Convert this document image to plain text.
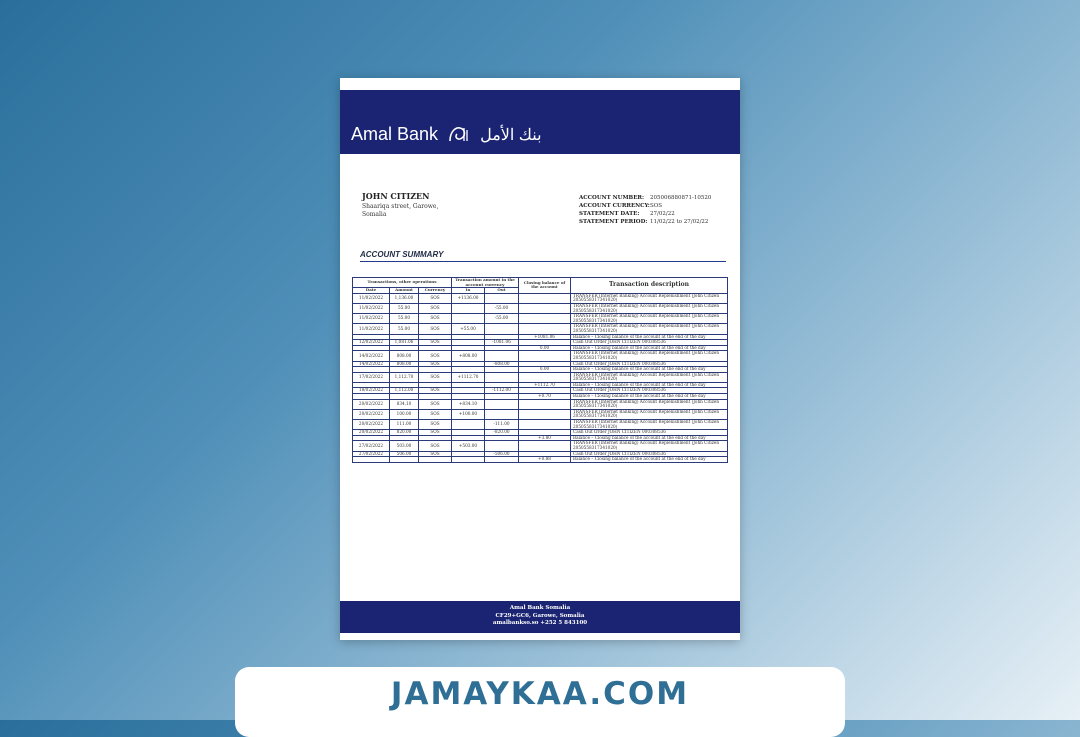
Amal Bank	بنك الأمل
JOHN CITIZEN
Shaariqa street, Garowe,
Somalia
ACCOUNT NUMBER:	205006880871-10520
ACCOUNT CURRENCY: SOS
STATEMENT DATE:	27/02/22
STATEMENT PERIOD: 11/02/22 to 27/02/22
ACCOUNT SUMMARY
Transactions, other operations			Transaction amount in the account currency		Closing balance of the account	Transaction description
Date	Amount	Currency	In	Out		
11/02/2022	1,136.00	SOS	+1136.00			TRANSFER (Internet Banking) Account Replenishment (John Citizen 2050558317341020)
11/02/2022	55.00	SOS		-55.00		TRANSFER (Internet Banking) Account Replenishment (John Citizen 2050558317341020)
11/02/2022	55.00	SOS		-55.00		TRANSFER (Internet Banking) Account Replenishment (John Citizen 2050558317341020)
11/02/2022	55.00	SOS	+55.00			TRANSFER (Internet Banking) Account Replenishment (John Citizen 2050558317341020)
					+1081.06	Balance – Closing balance of the account at the end of the day
12/02/2022	1,081.06	SOS		-1081.06		Cash Out Order JOHN CITIZEN 000308536
					0.00	Balance – Closing balance of the account at the end of the day
14/02/2022	808.00	SOS	+808.00			TRANSFER (Internet Banking) Account Replenishment (John Citizen 2050558317341020)
14/02/2022	808.00	SOS		-808.00		Cash Out Order JOHN CITIZEN 000308536
					0.00	Balance – Closing balance of the account at the end of the day
17/02/2022	1,112.70	SOS	+1112.70			TRANSFER (Internet Banking) Account Replenishment (John Citizen 2050558317341020)
					+1112.70	Balance – Closing balance of the account at the end of the day
18/02/2022	1,112.00	SOS		-1112.00		Cash Out Order JOHN CITIZEN 000308536
					+0.70	Balance – Closing balance of the account at the end of the day
20/02/2022	834.10	SOS	+834.10			TRANSFER (Internet Banking) Account Replenishment (John Citizen 2050558317341020)
20/02/2022	100.00	SOS	+100.00			TRANSFER (Internet Banking) Account Replenishment (John Citizen 2050558317341020)
20/02/2022	111.00	SOS		-111.00		TRANSFER (Internet Banking) Account Replenishment (John Citizen 2050558317341020)
20/02/2022	820.00	SOS		-820.00		Cash Out Order JOHN CITIZEN 000308536
					+3.80	Balance – Closing balance of the account at the end of the day
27/02/2022	503.00	SOS	+503.00			TRANSFER (Internet Banking) Account Replenishment (John Citizen 2050558317341020)
27/02/2022	506.00	SOS		-506.00		Cash Out Order JOHN CITIZEN 000308536
					+0.88	Balance – Closing balance of the account at the end of the day
Amal Bank Somalia
CF29+GC6, Garowe, Somalia
amalbankso.so +252 5 843100
JAMAYKAA.COM
